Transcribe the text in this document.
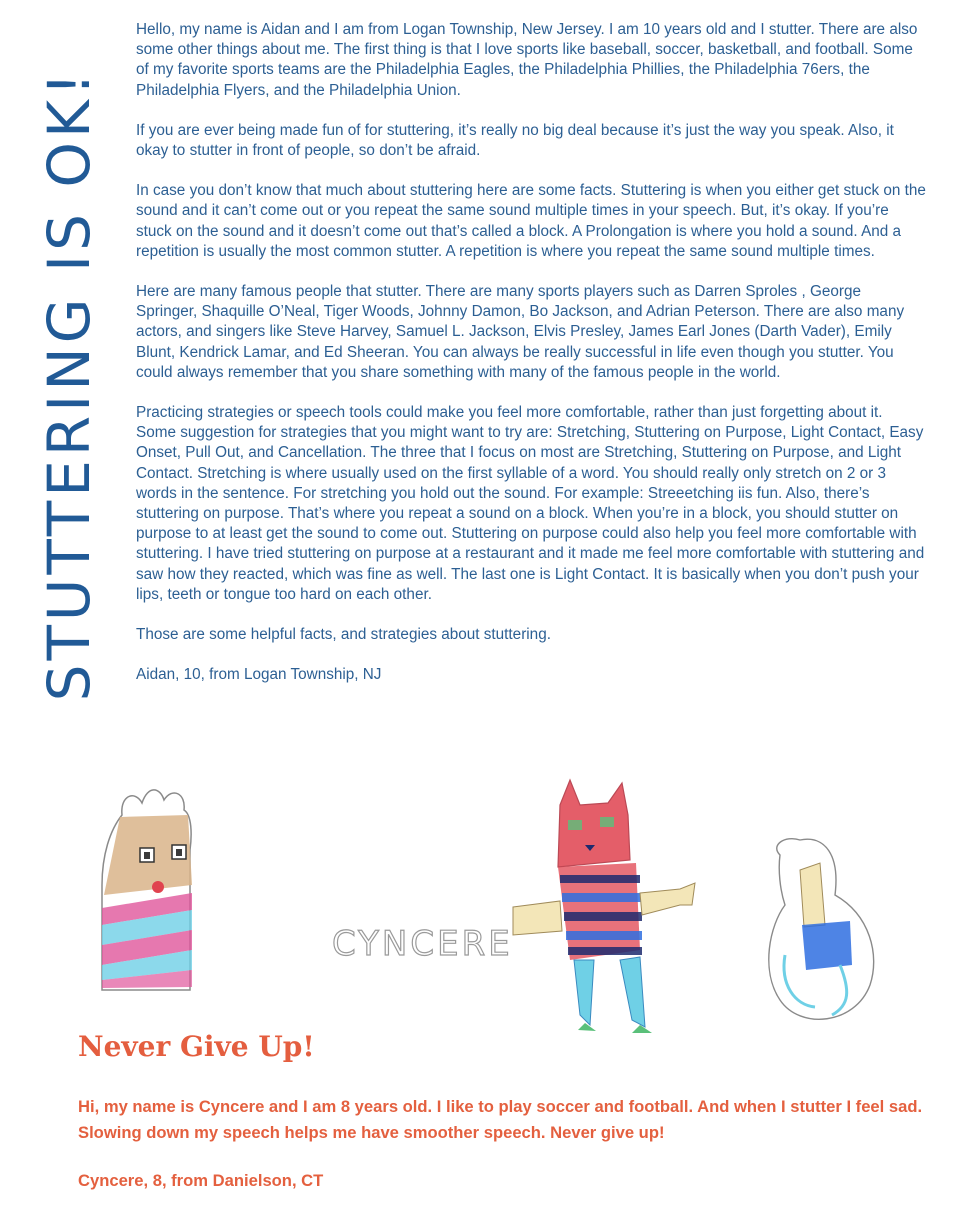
STUTTERING IS OK!

Hello, my name is Aidan and I am from Logan Township, New Jersey. I am 10 years old and I stutter. There are also some other things about me. The first thing is that I love sports like baseball, soccer, basketball, and football. Some of my favorite sports teams are the Philadelphia Eagles, the Philadelphia Phillies, the Philadelphia 76ers, the Philadelphia Flyers, and the Philadelphia Union.

If you are ever being made fun of for stuttering, it’s really no big deal because it’s just the way you speak. Also, it okay to stutter in front of people, so don’t be afraid.

In case you don’t know that much about stuttering here are some facts. Stuttering is when you either get stuck on the sound and it can’t come out or you repeat the same sound multiple times in your speech. But, it’s okay. If you’re stuck on the sound and it doesn’t come out that’s called a block. A Prolongation is where you hold a sound. And a repetition is usually the most common stutter. A repetition is where you repeat the same sound multiple times.

Here are many famous people that stutter. There are many sports players such as Darren Sproles , George Springer, Shaquille O’Neal, Tiger Woods, Johnny Damon, Bo Jackson, and Adrian Peterson. There are also many actors, and singers like Steve Harvey, Samuel L. Jackson, Elvis Presley, James Earl Jones (Darth Vader), Emily Blunt, Kendrick Lamar, and Ed Sheeran. You can always be really successful in life even though you stutter. You could always remember that you share something with many of the famous people in the world.

Practicing strategies or speech tools could make you feel more comfortable, rather than just forgetting about it. Some suggestion for strategies that you might want to try are: Stretching, Stuttering on Purpose, Light Contact, Easy Onset, Pull Out, and Cancellation. The three that I focus on most are Stretching, Stuttering on Purpose, and Light Contact. Stretching is where usually used on the first syllable of a word. You should really only stretch on 2 or 3 words in the sentence. For stretching you hold out the sound. For example: Streeetching iis fun. Also, there’s stuttering on purpose. That’s where you repeat a sound on a block. When you’re in a block, you should stutter on purpose to at least get the sound to come out. Stuttering on purpose could also help you feel more comfortable with stuttering. I have tried stuttering on purpose at a restaurant and it made me feel more comfortable with stuttering and saw how they reacted, which was fine as well. The last one is Light Contact. It is basically when you don’t push your lips, teeth or tongue too hard on each other.

Those are some helpful facts, and strategies about stuttering.

Aidan, 10, from Logan Township, NJ

CYNCERE
Never Give Up!

Hi, my name is Cyncere and I am 8 years old. I like to play soccer and football. And when I stutter I feel sad. Slowing down my speech helps me have smoother speech. Never give up!

Cyncere, 8, from Danielson, CT
